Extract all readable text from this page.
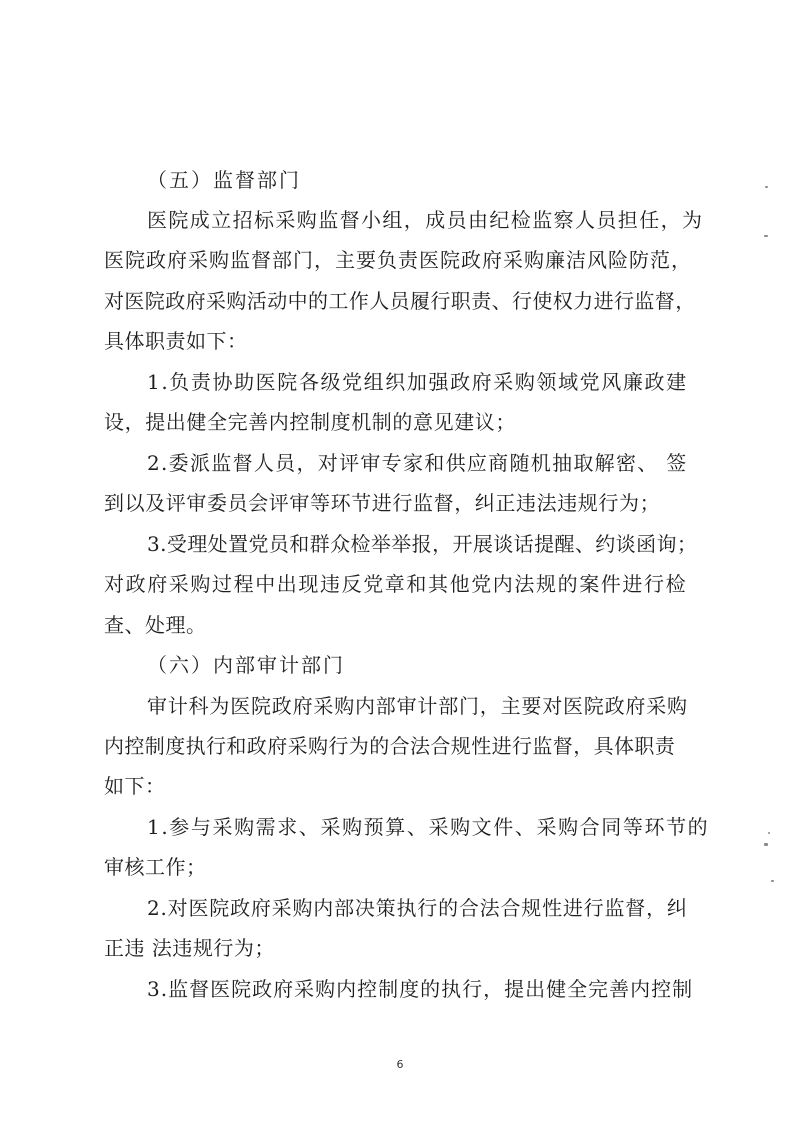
（五）监督部门
医院成立招标采购监督小组，成员由纪检监察人员担任，为
医院政府采购监督部门，主要负责医院政府采购廉洁风险防范，
对医院政府采购活动中的工作人员履行职责、行使权力进行监督，
具体职责如下：
1.负责协助医院各级党组织加强政府采购领域党风廉政建
设，提出健全完善内控制度机制的意见建议；
2.委派监督人员，对评审专家和供应商随机抽取解密、 签
到以及评审委员会评审等环节进行监督，纠正违法违规行为；
3.受理处置党员和群众检举举报，开展谈话提醒、约谈函询；
对政府采购过程中出现违反党章和其他党内法规的案件进行检
查、处理。
（六）内部审计部门
审计科为医院政府采购内部审计部门，主要对医院政府采购
内控制度执行和政府采购行为的合法合规性进行监督，具体职责
如下：
1.参与采购需求、采购预算、采购文件、采购合同等环节的
审核工作；
2.对医院政府采购内部决策执行的合法合规性进行监督，纠
正违 法违规行为；
3.监督医院政府采购内控制度的执行，提出健全完善内控制
6
